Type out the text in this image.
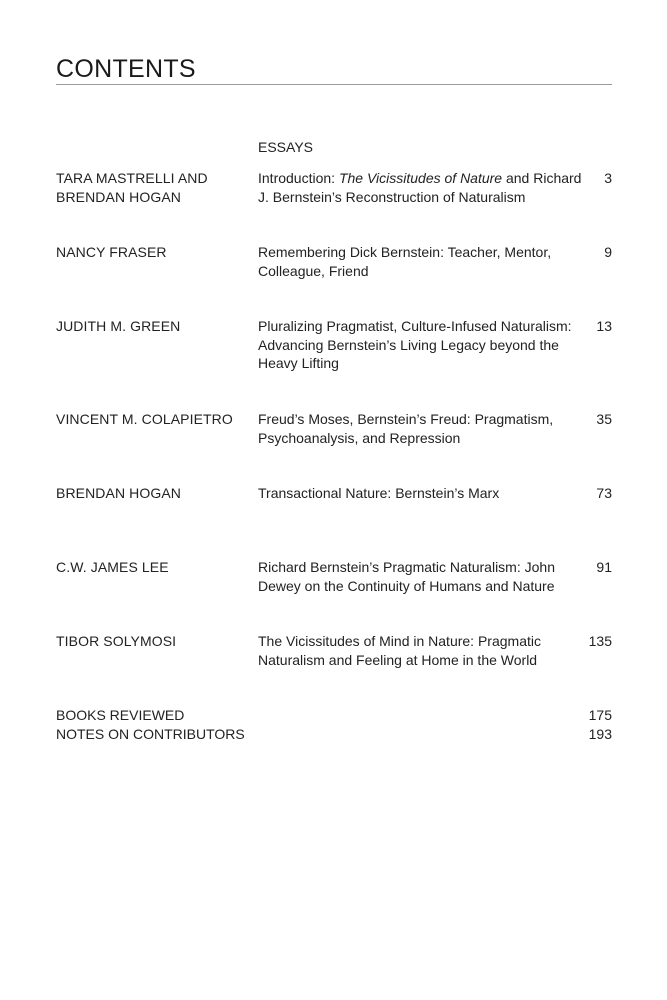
CONTENTS
ESSAYS
TARA MASTRELLI AND BRENDAN HOGAN
Introduction: The Vicissitudes of Nature and Richard J. Bernstein’s Reconstruction of Naturalism
3
NANCY FRASER	Remembering Dick Bernstein: Teacher, Mentor, Colleague, Friend
9
JUDITH M. GREEN	Pluralizing Pragmatist, Culture-Infused Naturalism: Advancing Bernstein’s Living Legacy beyond the Heavy Lifting
13
VINCENT M. COLAPIETRO	Freud’s Moses, Bernstein’s Freud: Pragmatism, Psychoanalysis, and Repression
35
BRENDAN HOGAN	Transactional Nature: Bernstein’s Marx	73
C.W. JAMES LEE	Richard Bernstein’s Pragmatic Naturalism: John Dewey on the Continuity of Humans and Nature
91
TIBOR SOLYMOSI	The Vicissitudes of Mind in Nature: Pragmatic Naturalism and Feeling at Home in the World
135
BOOKS REVIEWED	175
NOTES ON CONTRIBUTORS	193
